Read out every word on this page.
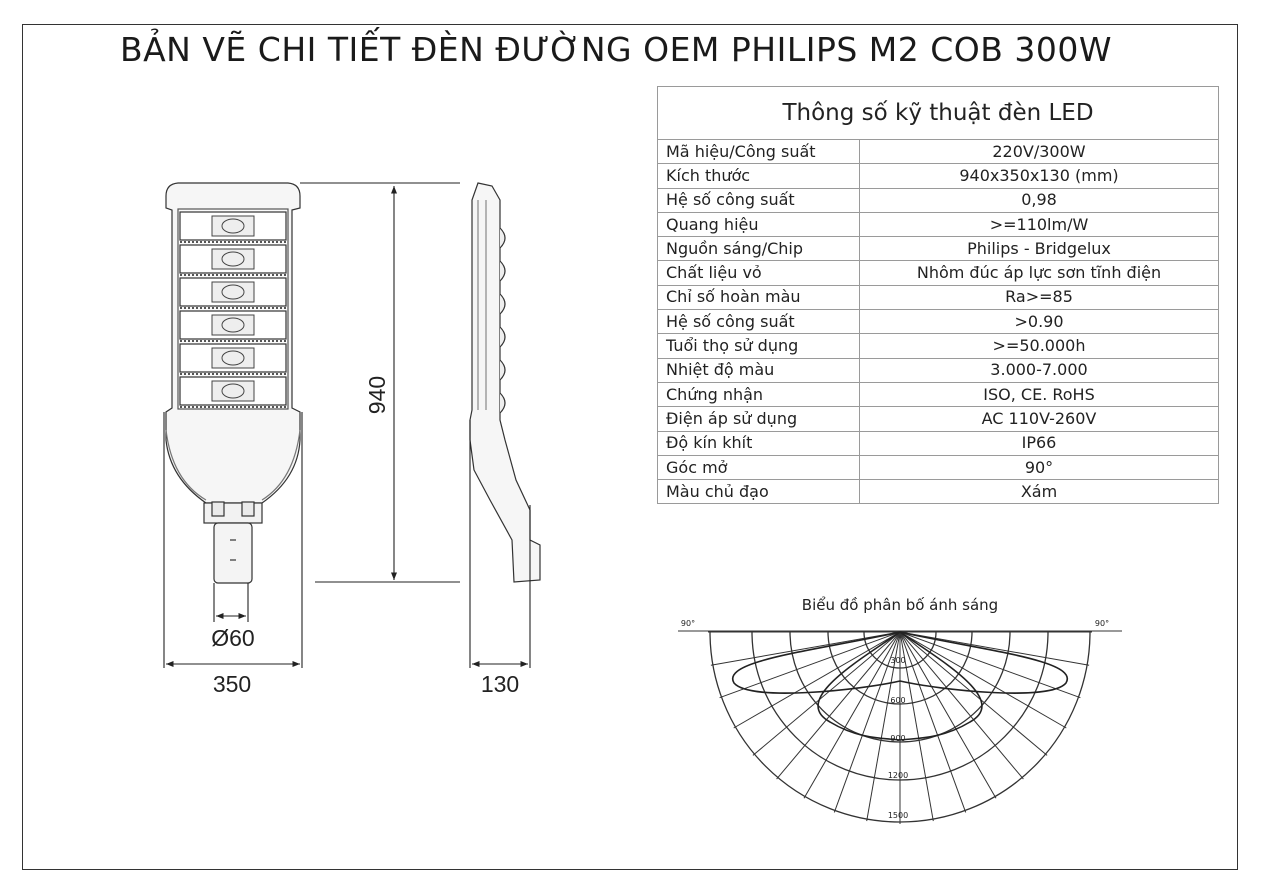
BẢN VẼ CHI TIẾT ĐÈN ĐƯỜNG OEM PHILIPS M2 COB 300W
Thông số kỹ thuật đèn LED	
Mã hiệu/Công suất	220V/300W
Kích thước	940x350x130 (mm)
Hệ số công suất	0,98
Quang hiệu	>=110lm/W
Nguồn sáng/Chip	Philips - Bridgelux
Chất liệu vỏ	Nhôm đúc áp lực sơn tĩnh điện
Chỉ số hoàn màu	Ra>=85
Hệ số công suất	>0.90
Tuổi thọ sử dụng	>=50.000h
Nhiệt độ màu	3.000-7.000
Chứng nhận	ISO, CE. RoHS
Điện áp sử dụng	AC 110V-260V
Độ kín khít	IP66
Góc mở	90°
Màu chủ đạo	Xám
940
350	130
Ø60
Biểu đồ phân bố ánh sáng
90°	90°
300
600
900
1200
1500
